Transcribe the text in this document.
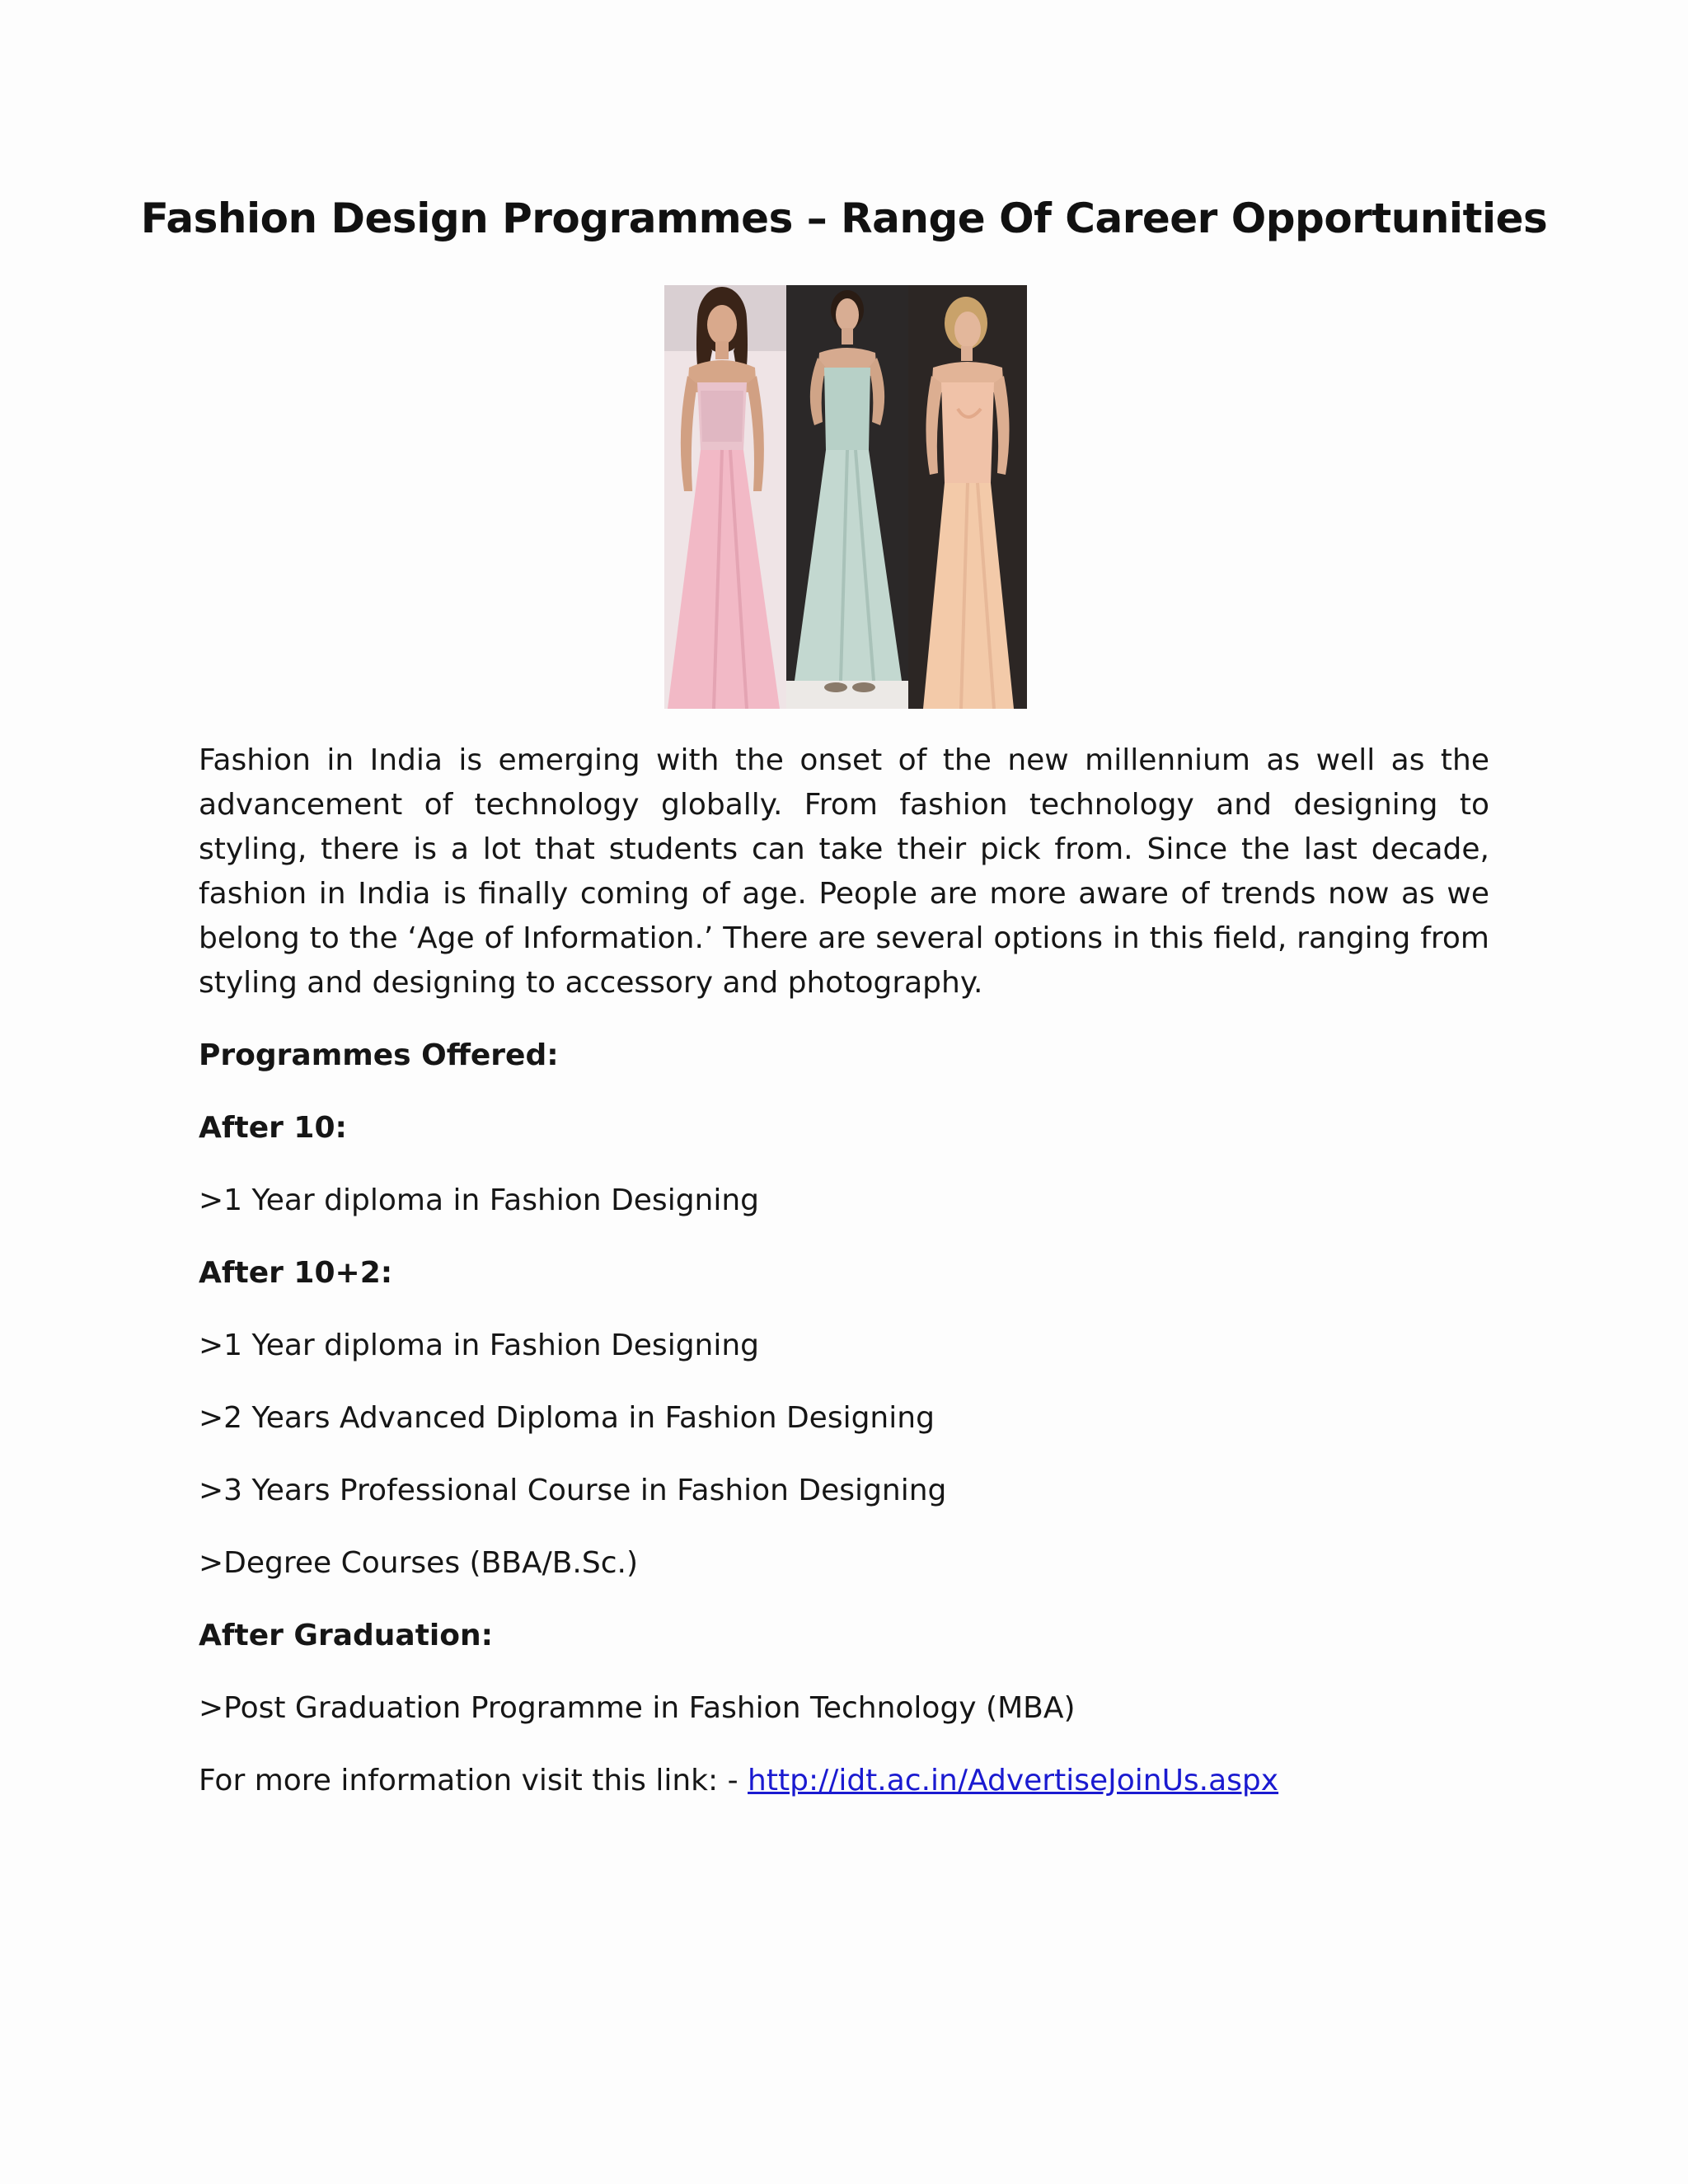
Fashion Design Programmes – Range Of Career Opportunities

Fashion in India is emerging with the onset of the new millennium as well as the advancement of technology globally. From fashion technology and designing to styling, there is a lot that students can take their pick from. Since the last decade, fashion in India is finally coming of age. People are more aware of trends now as we belong to the ‘Age of Information.’ There are several options in this field, ranging from styling and designing to accessory and photography.

Programmes Offered:

After 10:

>1 Year diploma in Fashion Designing

After 10+2:

>1 Year diploma in Fashion Designing

>2 Years Advanced Diploma in Fashion Designing

>3 Years Professional Course in Fashion Designing

>Degree Courses (BBA/B.Sc.)

After Graduation:

>Post Graduation Programme in Fashion Technology (MBA)

For more information visit this link: - http://idt.ac.in/AdvertiseJoinUs.aspx
